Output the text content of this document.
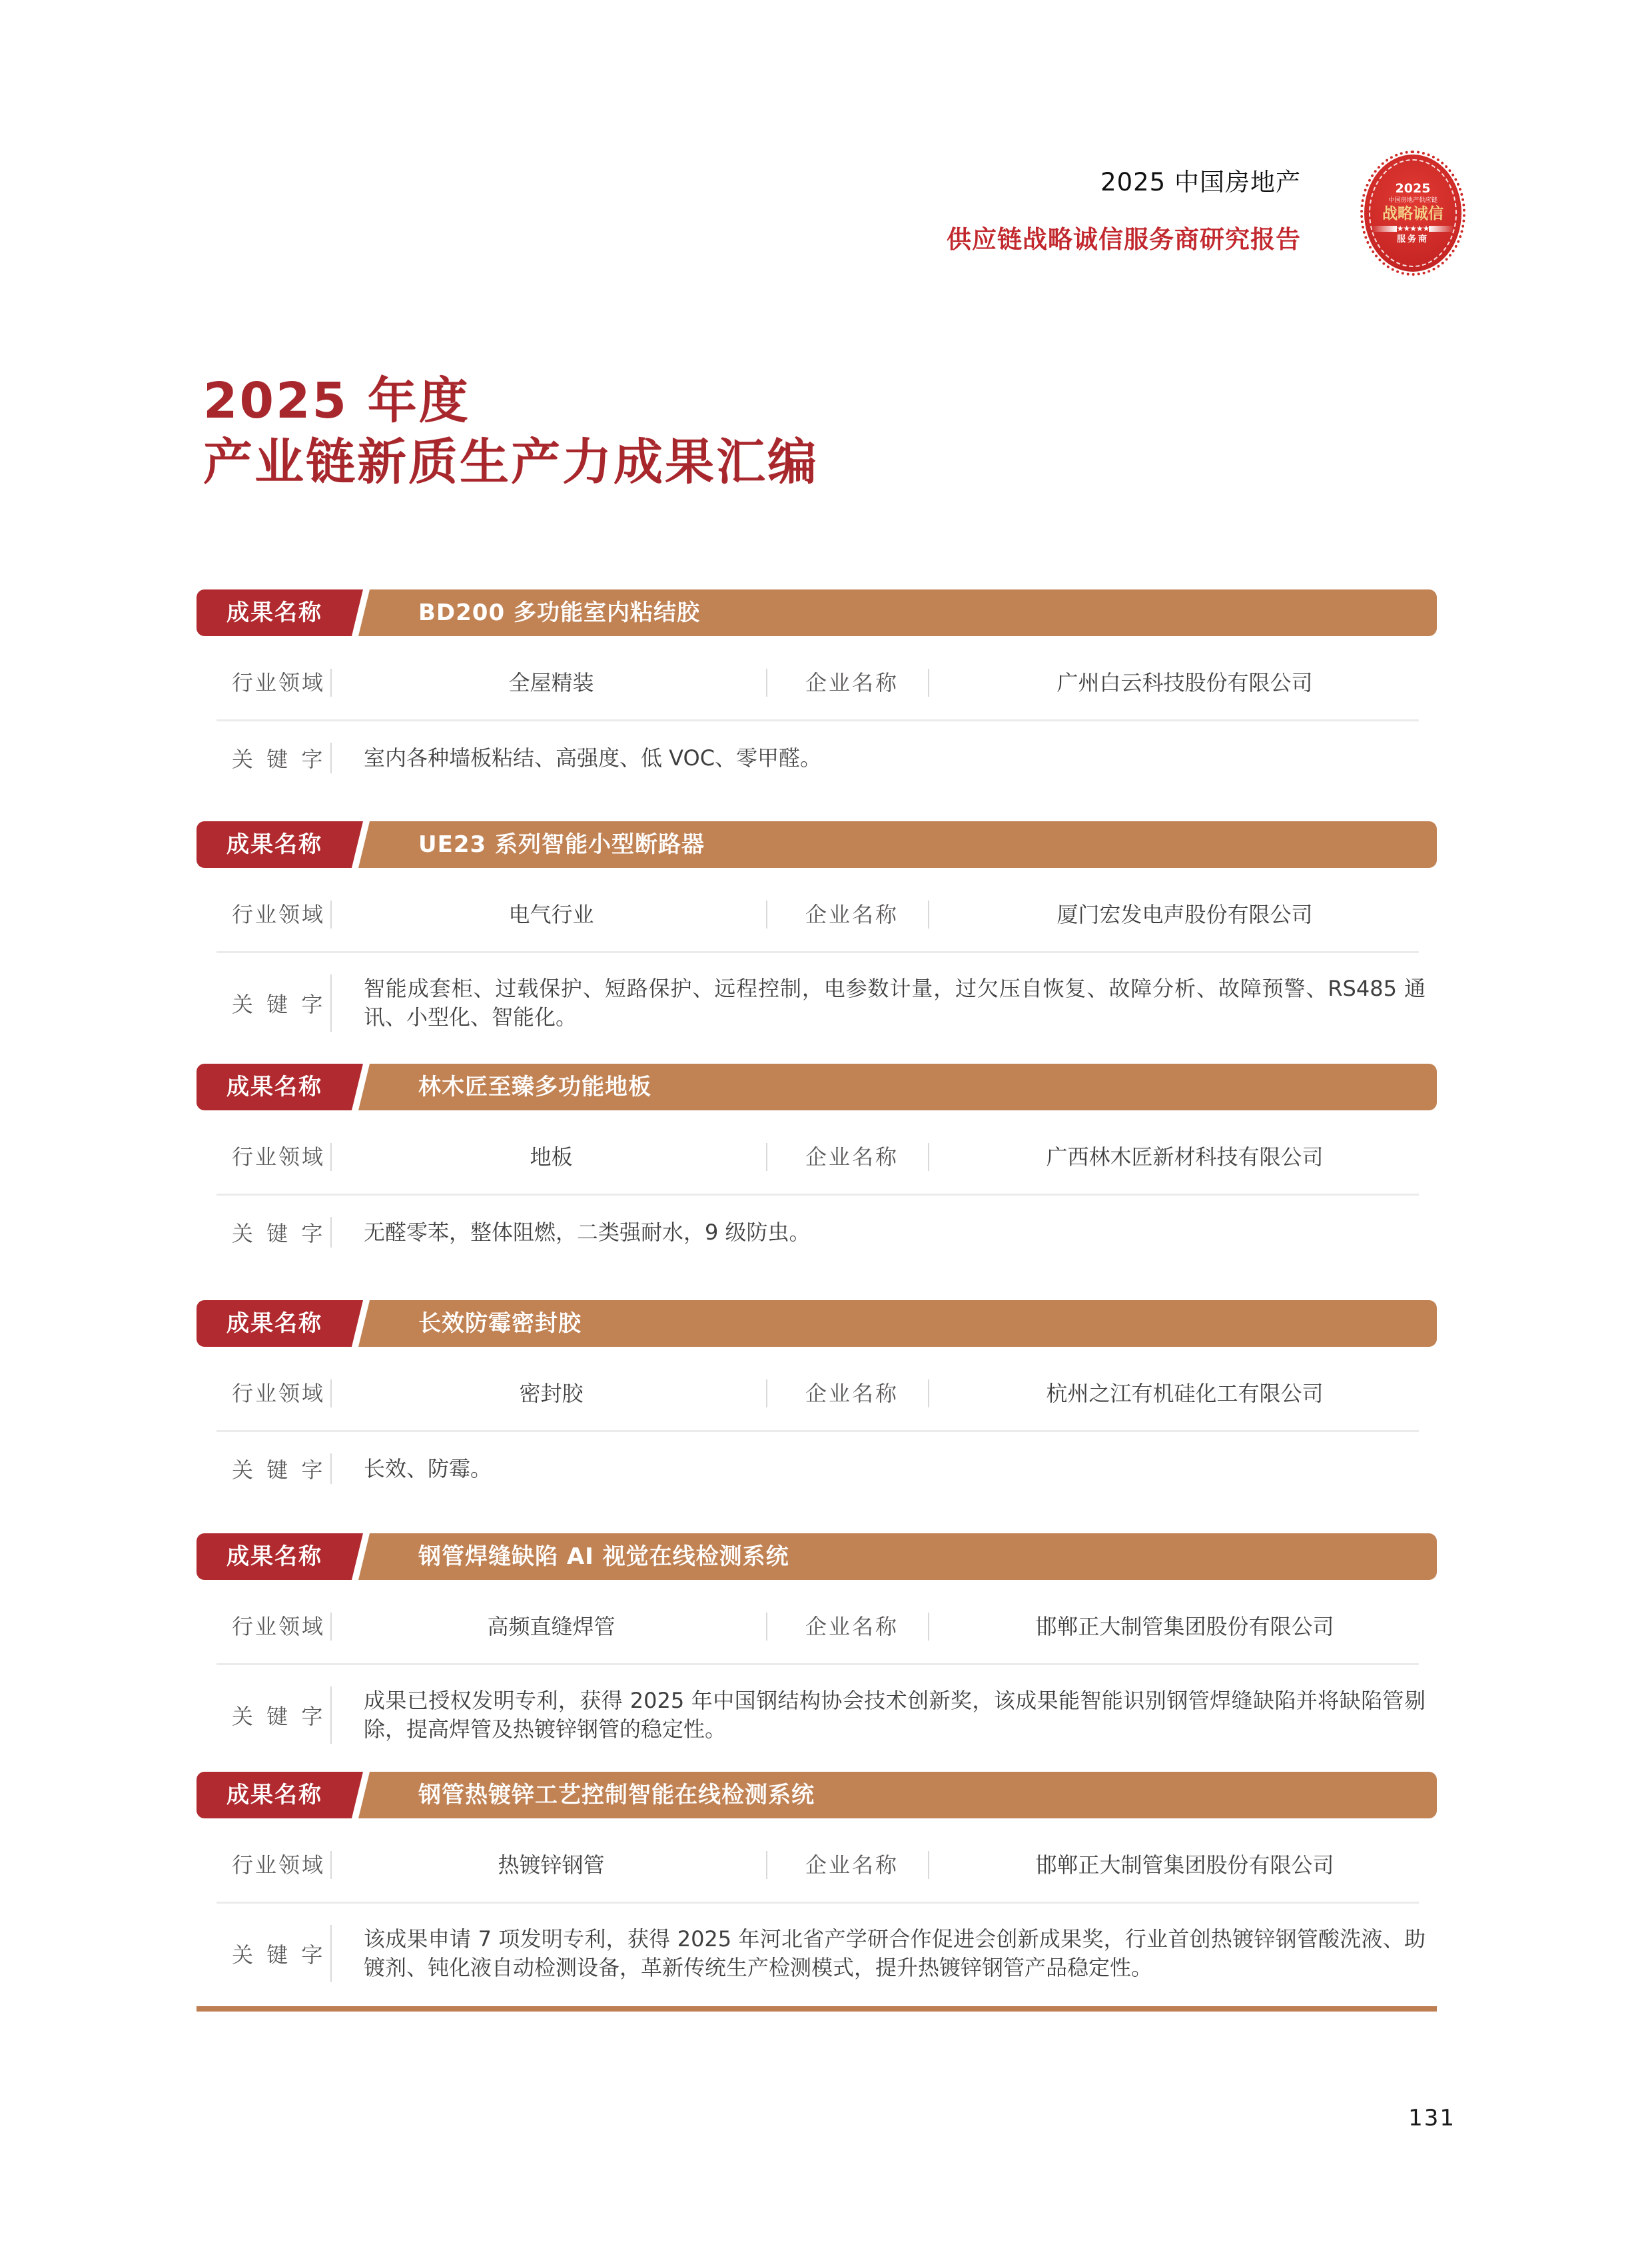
2025 中国房地产
供应链战略诚信服务商研究报告
2025
中国房地产供应链
战略诚信
★★★★★
服务商
2025 年度
产业链新质生产力成果汇编
成果名称	BD200 多功能室内粘结胶
行业领域	全屋精装	企业名称	广州白云科技股份有限公司
关 键 字 室内各种墙板粘结、高强度、低 VOC、零甲醛。
成果名称	UE23 系列智能小型断路器
行业领域	电气行业	企业名称	厦门宏发电声股份有限公司
关 键 字
智能成套柜、过载保护、短路保护、远程控制，电参数计量，过欠压自恢复、故障分析、故障预警、RS485 通讯、小型化、智能化。
成果名称	林木匠至臻多功能地板
行业领域	地板	企业名称	广西林木匠新材科技有限公司
关 键 字 无醛零苯，整体阻燃，二类强耐水，9 级防虫。
成果名称	长效防霉密封胶
行业领域	密封胶	企业名称	杭州之江有机硅化工有限公司
关 键 字 长效、防霉。
成果名称	钢管焊缝缺陷 AI 视觉在线检测系统
行业领域	高频直缝焊管	企业名称	邯郸正大制管集团股份有限公司
关 键 字
成果已授权发明专利，获得 2025 年中国钢结构协会技术创新奖，该成果能智能识别钢管焊缝缺陷并将缺陷管剔除，提高焊管及热镀锌钢管的稳定性。
成果名称	钢管热镀锌工艺控制智能在线检测系统
行业领域	热镀锌钢管	企业名称	邯郸正大制管集团股份有限公司
关 键 字
该成果申请 7 项发明专利，获得 2025 年河北省产学研合作促进会创新成果奖，行业首创热镀锌钢管酸洗液、助镀剂、钝化液自动检测设备，革新传统生产检测模式，提升热镀锌钢管产品稳定性。
131
